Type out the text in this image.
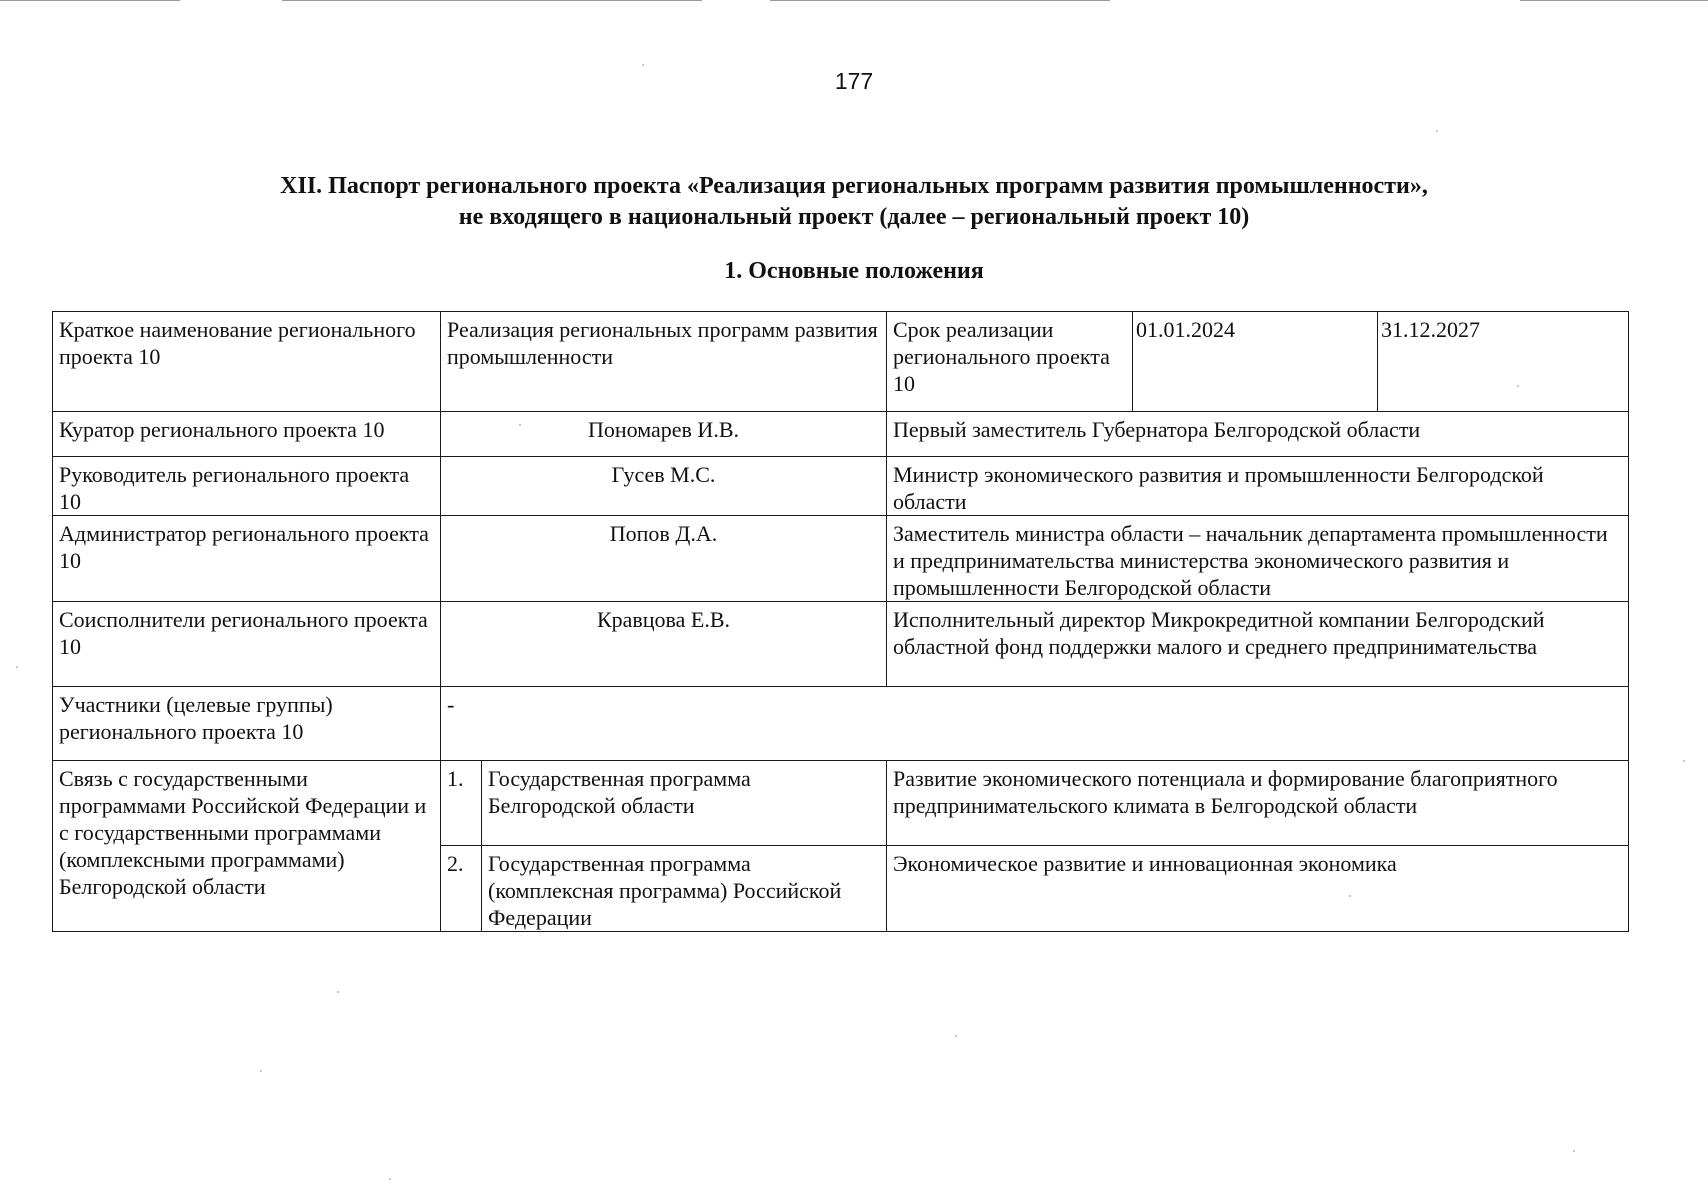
177
XII. Паспорт регионального проекта «Реализация региональных программ развития промышленности»,
не входящего в национальный проект (далее – региональный проект 10)
1. Основные положения
Краткое наименование регионального проекта 10	Реализация региональных программ развития промышленности		Срок реализации регионального проекта 10	01.01.2024	31.12.2027
Куратор регионального проекта 10	Пономарев И.В.		Первый заместитель Губернатора Белгородской области		
Руководитель регионального проекта 10	Гусев М.С.		Министр экономического развития и промышленности Белгородской области		
Администратор регионального проекта 10	Попов Д.А.		Заместитель министра области – начальник департамента промышленности и предпринимательства министерства экономического развития и промышленности Белгородской области		
Соисполнители регионального проекта 10	Кравцова Е.В.		Исполнительный директор Микрокредитной компании Белгородский областной фонд поддержки малого и среднего предпринимательства		
Участники (целевые группы) регионального проекта 10	-				
Связь с государственными программами Российской Федерации и с государственными программами (комплексными программами) Белгородской области	1.	Государственная программа Белгородской области	Развитие экономического потенциала и формирование благоприятного предпринимательского климата в Белгородской области		
	2.	Государственная программа (комплексная программа) Российской Федерации	Экономическое развитие и инновационная экономика		
